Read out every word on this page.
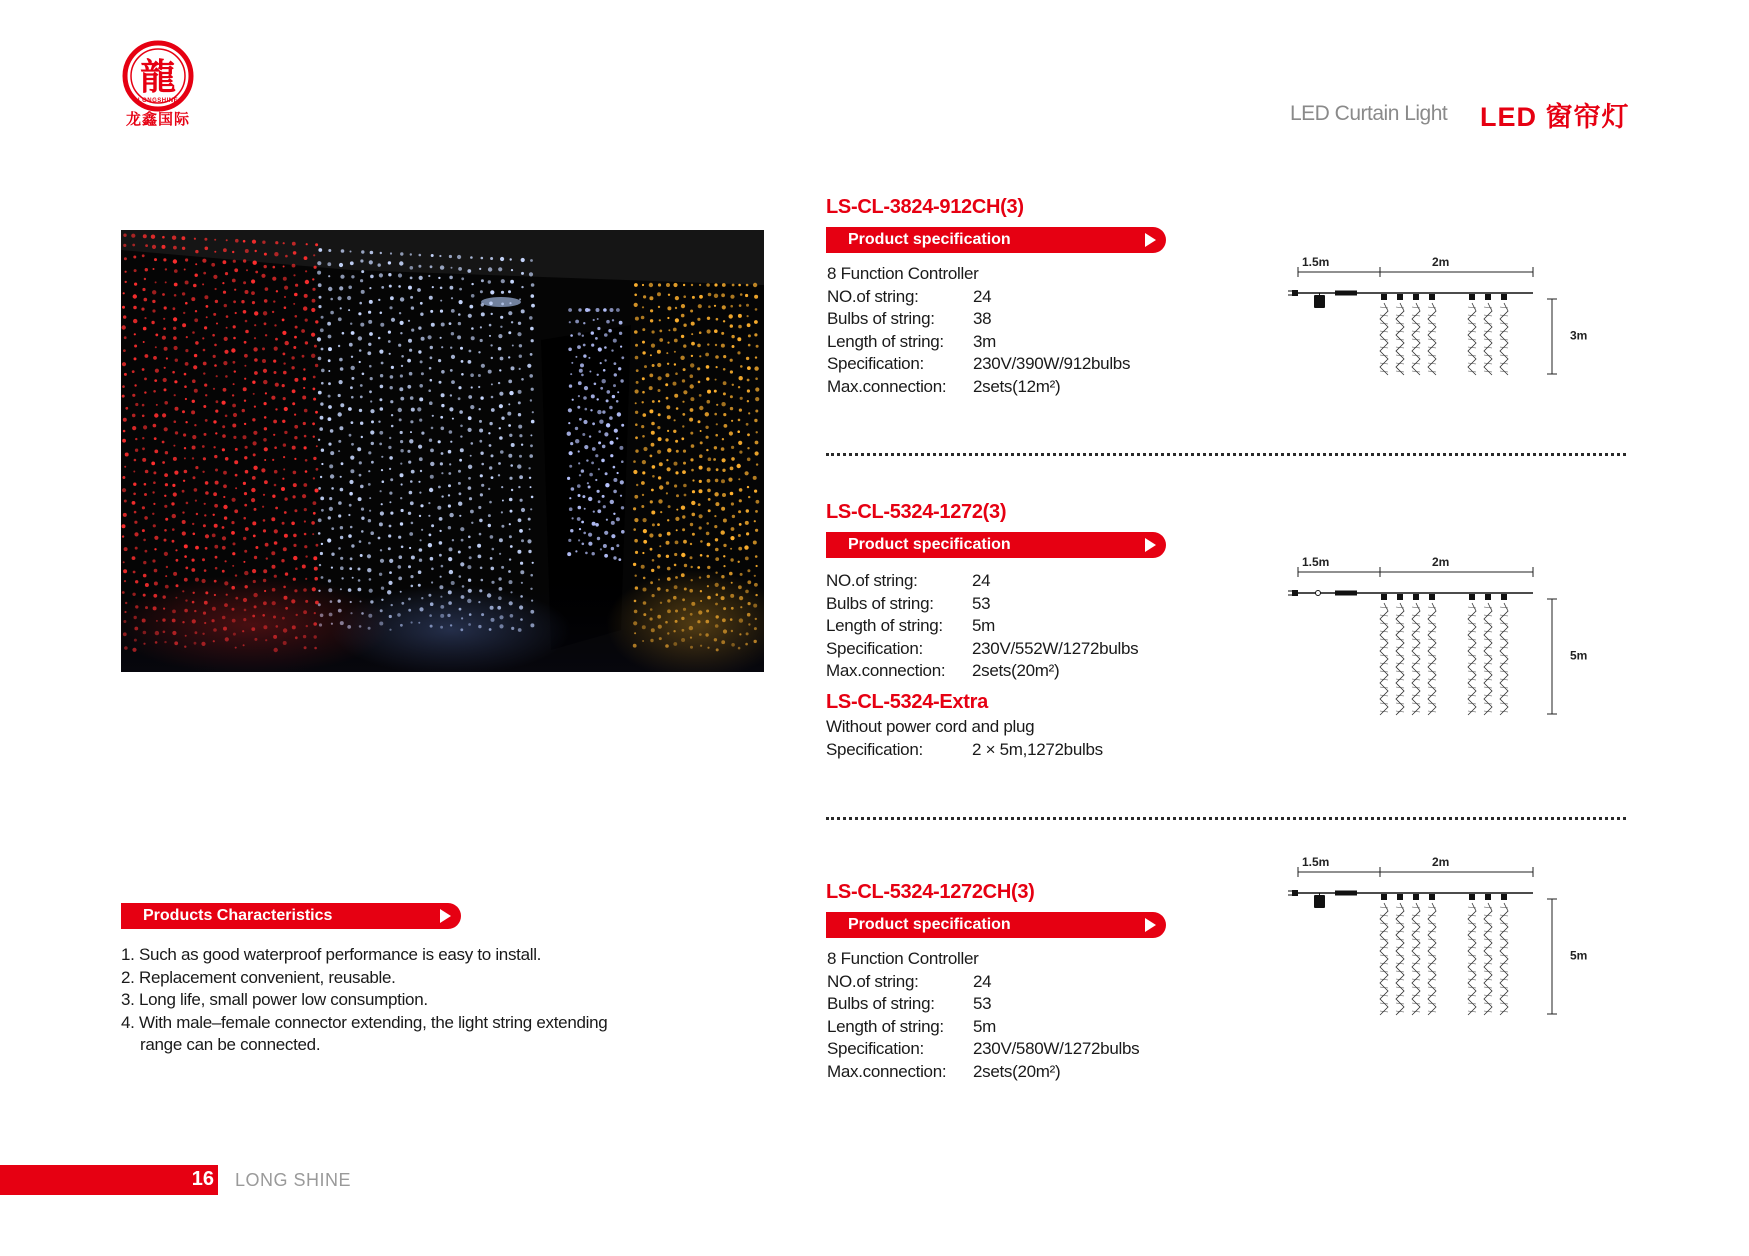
龍
LONGSHINE
龙鑫国际	LED Curtain Light LED 窗帘灯
LS-CL-3824-912CH(3)
Product specification
8 Function Controller
NO.of string:	24
Bulbs of string: 38
Length of string: 3m
Specification:	230V/390W/912bulbs
Max.connection: 2sets(12m²)
1.5m	2m
3m
LS-CL-5324-1272(3)
Product specification
NO.of string:	24
Bulbs of string: 53
Length of string: 5m
Specification:	230V/552W/1272bulbs
Max.connection: 2sets(20m²)
LS-CL-5324-Extra
Without power cord and plug
Specification:	2 × 5m,1272bulbs
1.5m	2m
5m
LS-CL-5324-1272CH(3)
Product specification
8 Function Controller
NO.of string:	24
Bulbs of string: 53
Length of string: 5m
Specification:	230V/580W/1272bulbs
Max.connection: 2sets(20m²)
1.5m	2m
5m
Products Characteristics
1. Such as good waterproof performance is easy to install.
2. Replacement convenient, reusable.
3. Long life, small power low consumption.
4. With male–female connector extending, the light string extending
range can be connected.
16 LONG SHINE
